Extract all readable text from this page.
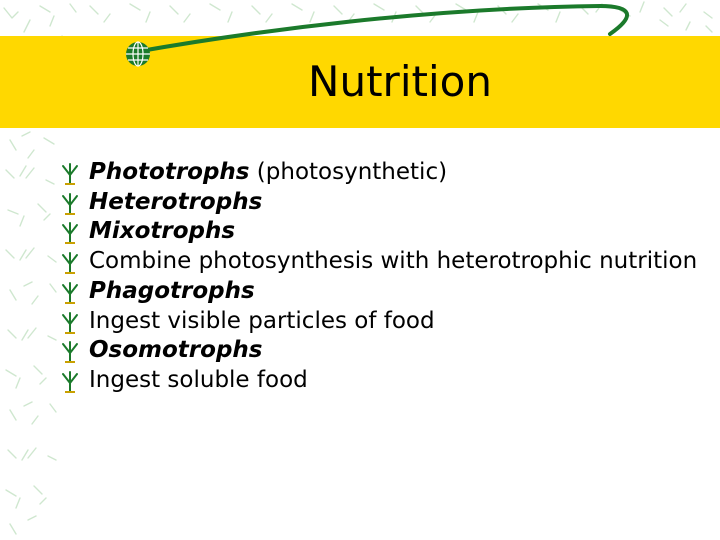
Nutrition
Phototrophs (photosynthetic)
Heterotrophs
Mixotrophs
Combine photosynthesis with heterotrophic nutrition
Phagotrophs
Ingest visible particles of food
Osomotrophs
Ingest soluble food
